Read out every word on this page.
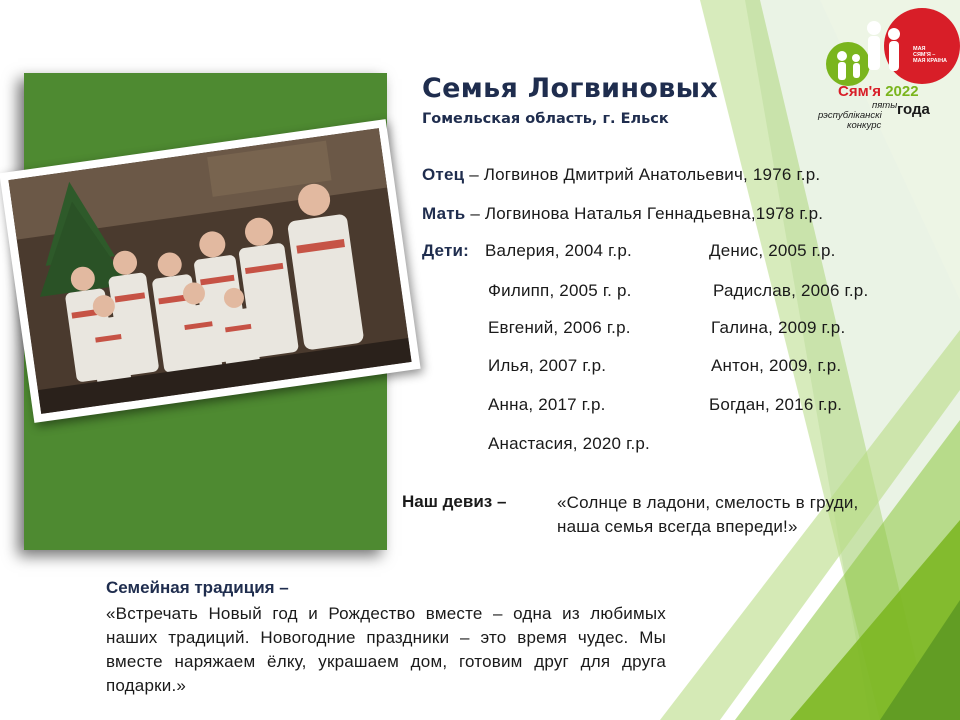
Семья Логвиновых
Гомельская область, г. Ельск
Отец – Логвинов Дмитрий Анатольевич, 1976 г.р.
Мать – Логвинова Наталья Геннадьевна,1978 г.р.
Дети: Валерия, 2004 г.р.
Филипп, 2005 г. р.
Евгений, 2006 г.р.
Илья, 2007 г.р.
Анна, 2017 г.р.
Анастасия, 2020 г.р.
Денис, 2005 г.р.
Радислав, 2006 г.р.
Галина, 2009 г.р.
Антон, 2009, г.р.
Богдан, 2016 г.р.
Наш девиз –	«Солнце в ладони, смелость в груди, наша семья всегда впереди!»
Семейная традиция –
«Встречать Новый год и Рождество вместе – одна из любимых наших традиций. Новогодние праздники – это время чудес. Мы вместе наряжаем ёлку, украшаем дом, готовим друг для друга подарки.»
МАЯ
СЯМ'Я –
МАЯ КРАІНА
Сям'я 2022
пяты
рэспубліканскі
конкурс
года
